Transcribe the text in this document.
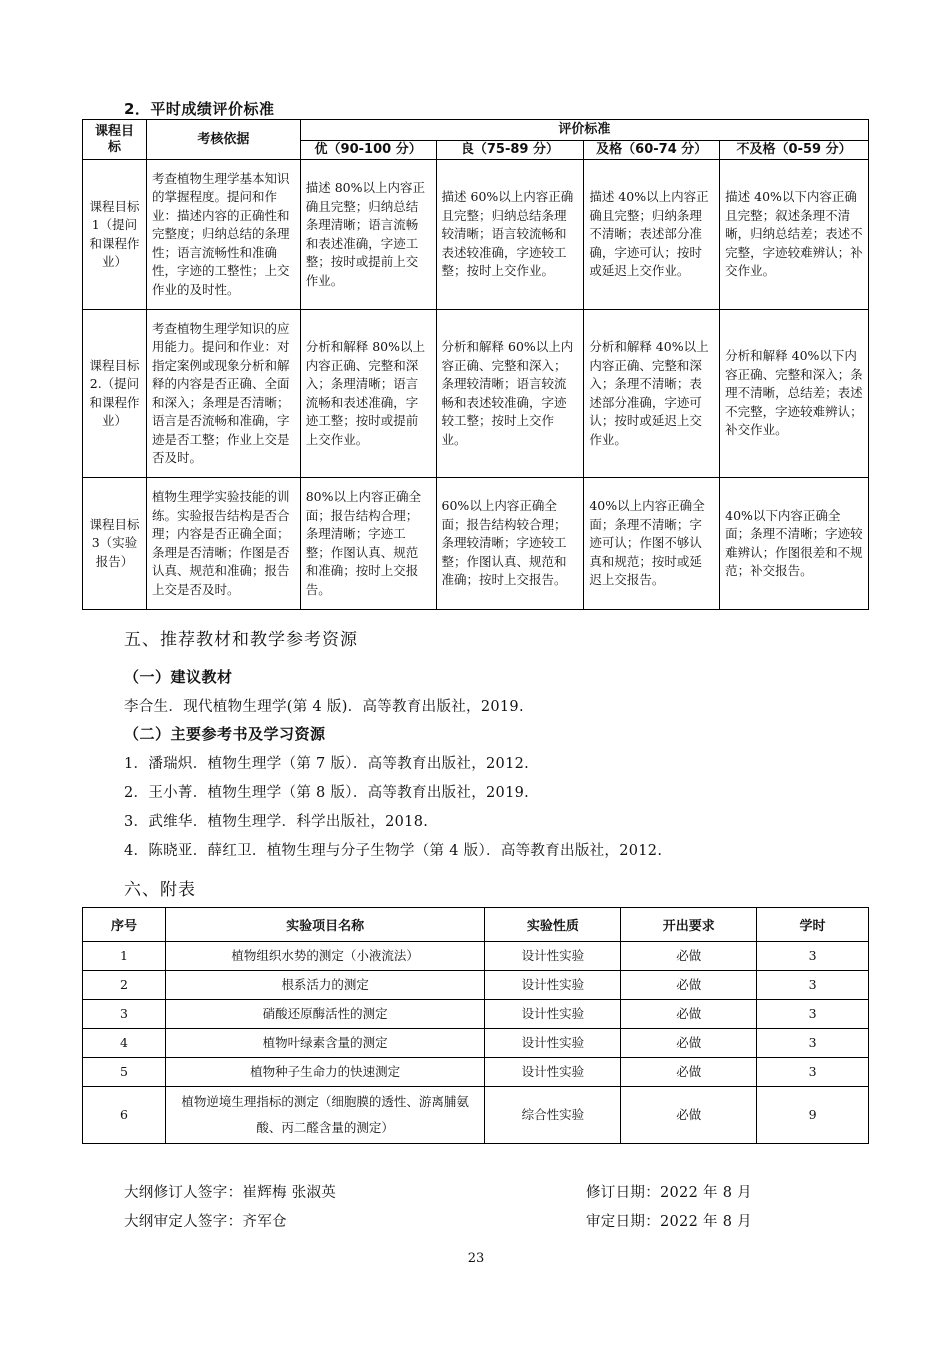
2．平时成绩评价标准
课程目标	考核依据	评价标准			
		优（90-100 分）	良（75-89 分）	及格（60-74 分）	不及格（0-59 分）
课程目标 1（提问和课程作业）	考查植物生理学基本知识的掌握程度。提问和作业：描述内容的正确性和完整度；归纳总结的条理性；语言流畅性和准确性，字迹的工整性；上交作业的及时性。	描述 80%以上内容正确且完整；归纳总结条理清晰；语言流畅和表述准确，字迹工整；按时或提前上交作业。	描述 60%以上内容正确且完整；归纳总结条理较清晰；语言较流畅和表述较准确，字迹较工整；按时上交作业。	描述 40%以上内容正确且完整；归纳条理不清晰；表述部分准确，字迹可认；按时或延迟上交作业。	描述 40%以下内容正确且完整；叙述条理不清晰，归纳总结差；表述不完整，字迹较难辨认；补交作业。
课程目标 2.（提问和课程作业）	考查植物生理学知识的应用能力。提问和作业：对指定案例或现象分析和解释的内容是否正确、全面和深入；条理是否清晰；语言是否流畅和准确，字迹是否工整；作业上交是否及时。	分析和解释 80%以上内容正确、完整和深入；条理清晰；语言流畅和表述准确，字迹工整；按时或提前上交作业。	分析和解释 60%以上内容正确、完整和深入；条理较清晰；语言较流畅和表述较准确，字迹较工整；按时上交作业。	分析和解释 40%以上内容正确、完整和深入；条理不清晰；表述部分准确，字迹可认；按时或延迟上交作业。	分析和解释 40%以下内容正确、完整和深入；条理不清晰，总结差；表述不完整，字迹较难辨认；补交作业。
课程目标 3（实验报告）	植物生理学实验技能的训练。实验报告结构是否合理；内容是否正确全面；条理是否清晰；作图是否认真、规范和准确；报告上交是否及时。	80%以上内容正确全面；报告结构合理；条理清晰；字迹工整；作图认真、规范和准确；按时上交报告。	60%以上内容正确全面；报告结构较合理；条理较清晰；字迹较工整；作图认真、规范和准确；按时上交报告。	40%以上内容正确全面；条理不清晰；字迹可认；作图不够认真和规范；按时或延迟上交报告。	40%以下内容正确全面；条理不清晰；字迹较难辨认；作图很差和不规范；补交报告。
五、推荐教材和教学参考资源
（一）建议教材
李合生．现代植物生理学(第 4 版)．高等教育出版社，2019.
（二）主要参考书及学习资源
1．潘瑞炽．植物生理学（第 7 版）．高等教育出版社，2012.
2．王小菁．植物生理学（第 8 版）．高等教育出版社，2019.
3．武维华．植物生理学．科学出版社，2018.
4．陈晓亚．薛红卫．植物生理与分子生物学（第 4 版）．高等教育出版社，2012.
六、附表
序号	实验项目名称	实验性质	开出要求	学时
1	植物组织水势的测定（小液流法）	设计性实验	必做	3
2	根系活力的测定	设计性实验	必做	3
3	硝酸还原酶活性的测定	设计性实验	必做	3
4	植物叶绿素含量的测定	设计性实验	必做	3
5	植物种子生命力的快速测定	设计性实验	必做	3
6	植物逆境生理指标的测定（细胞膜的透性、游离脯氨酸、丙二醛含量的测定）	综合性实验	必做	9
大纲修订人签字：崔辉梅 张淑英	修订日期：2022 年 8 月
大纲审定人签字：齐军仓	审定日期：2022 年 8 月
23
